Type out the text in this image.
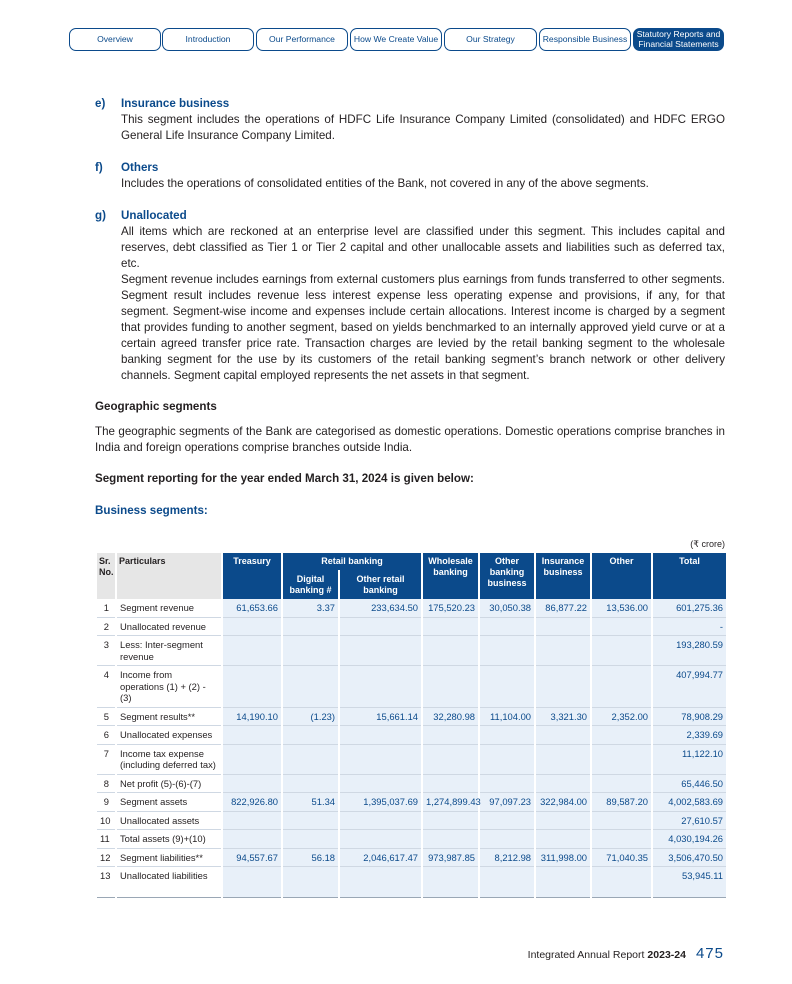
Overview	Introduction	Our Performance	How We Create Value	Our Strategy	Responsible Business	Statutory Reports and Financial Statements
e) Insurance business
This segment includes the operations of HDFC Life Insurance Company Limited (consolidated) and HDFC ERGO General Life Insurance Company Limited.
f) Others
Includes the operations of consolidated entities of the Bank, not covered in any of the above segments.
g) Unallocated
All items which are reckoned at an enterprise level are classified under this segment. This includes capital and reserves, debt classified as Tier 1 or Tier 2 capital and other unallocable assets and liabilities such as deferred tax, etc.
Segment revenue includes earnings from external customers plus earnings from funds transferred to other segments. Segment result includes revenue less interest expense less operating expense and provisions, if any, for that segment. Segment-wise income and expenses include certain allocations. Interest income is charged by a segment that provides funding to another segment, based on yields benchmarked to an internally approved yield curve or at a certain agreed transfer price rate. Transaction charges are levied by the retail banking segment to the wholesale banking segment for the use by its customers of the retail banking segment’s branch network or other delivery channels. Segment capital employed represents the net assets in that segment.
Geographic segments
The geographic segments of the Bank are categorised as domestic operations. Domestic operations comprise branches in India and foreign operations comprise branches outside India.
Segment reporting for the year ended March 31, 2024 is given below:
Business segments:
(₹ crore)
Sr. No.	Particulars	Treasury	Retail banking		Wholesale banking	Other banking business	Insurance business	Other	Total
			Digital banking #	Other retail banking					
1	Segment revenue	61,653.66	3.37	233,634.50	175,520.23	30,050.38	86,877.22	13,536.00	601,275.36
2	Unallocated revenue								-
3	Less: Inter-segment revenue								193,280.59
4	Income from operations (1) + (2) - (3)								407,994.77
5	Segment results**	14,190.10	(1.23)	15,661.14	32,280.98	11,104.00	3,321.30	2,352.00	78,908.29
6	Unallocated expenses								2,339.69
7	Income tax expense (including deferred tax)								11,122.10
8	Net profit (5)-(6)-(7)								65,446.50
9	Segment assets	822,926.80	51.34	1,395,037.69	1,274,899.43	97,097.23	322,984.00	89,587.20	4,002,583.69
10	Unallocated assets								27,610.57
11	Total assets (9)+(10)								4,030,194.26
12	Segment liabilities**	94,557.67	56.18	2,046,617.47	973,987.85	8,212.98	311,998.00	71,040.35	3,506,470.50
13	Unallocated liabilities								53,945.11
Integrated Annual Report 2023-24 475
